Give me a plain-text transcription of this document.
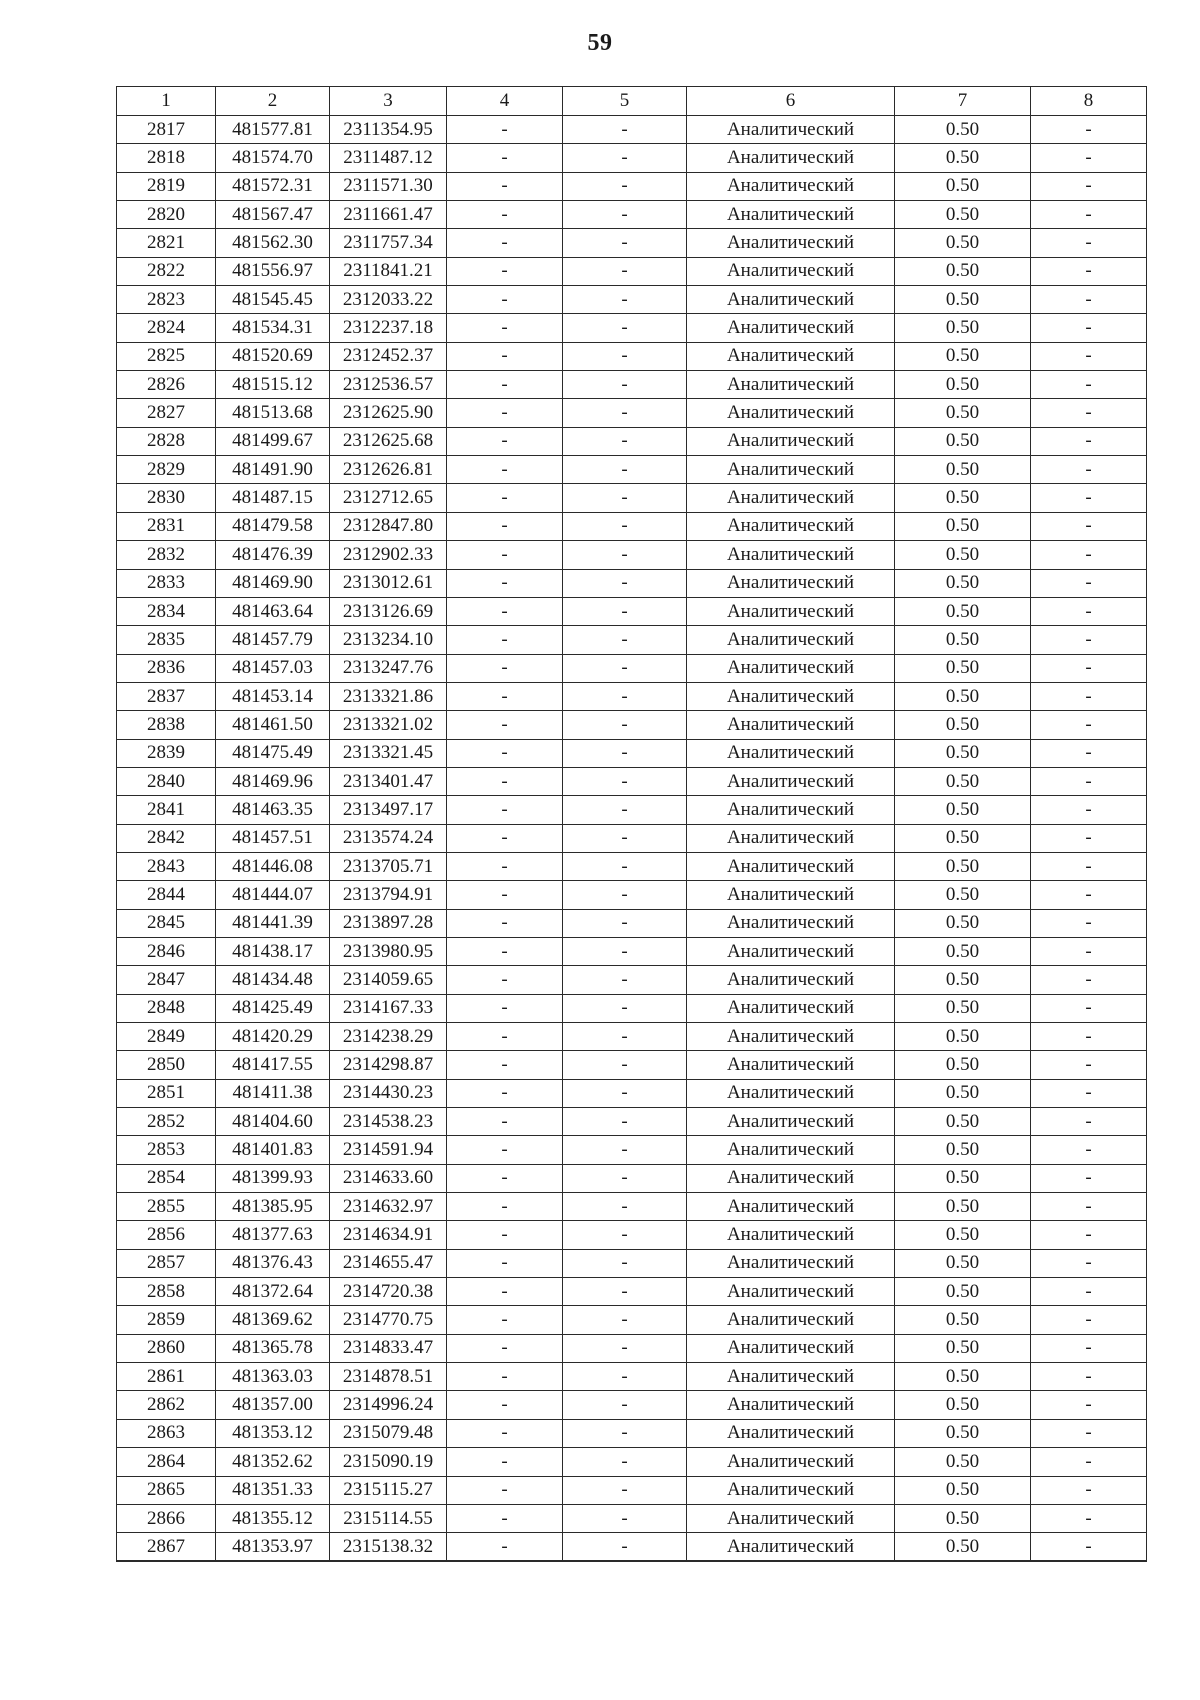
59
1	2	3	4	5	6	7	8
2817	481577.81	2311354.95	-	-	Аналитический	0.50	-
2818	481574.70	2311487.12	-	-	Аналитический	0.50	-
2819	481572.31	2311571.30	-	-	Аналитический	0.50	-
2820	481567.47	2311661.47	-	-	Аналитический	0.50	-
2821	481562.30	2311757.34	-	-	Аналитический	0.50	-
2822	481556.97	2311841.21	-	-	Аналитический	0.50	-
2823	481545.45	2312033.22	-	-	Аналитический	0.50	-
2824	481534.31	2312237.18	-	-	Аналитический	0.50	-
2825	481520.69	2312452.37	-	-	Аналитический	0.50	-
2826	481515.12	2312536.57	-	-	Аналитический	0.50	-
2827	481513.68	2312625.90	-	-	Аналитический	0.50	-
2828	481499.67	2312625.68	-	-	Аналитический	0.50	-
2829	481491.90	2312626.81	-	-	Аналитический	0.50	-
2830	481487.15	2312712.65	-	-	Аналитический	0.50	-
2831	481479.58	2312847.80	-	-	Аналитический	0.50	-
2832	481476.39	2312902.33	-	-	Аналитический	0.50	-
2833	481469.90	2313012.61	-	-	Аналитический	0.50	-
2834	481463.64	2313126.69	-	-	Аналитический	0.50	-
2835	481457.79	2313234.10	-	-	Аналитический	0.50	-
2836	481457.03	2313247.76	-	-	Аналитический	0.50	-
2837	481453.14	2313321.86	-	-	Аналитический	0.50	-
2838	481461.50	2313321.02	-	-	Аналитический	0.50	-
2839	481475.49	2313321.45	-	-	Аналитический	0.50	-
2840	481469.96	2313401.47	-	-	Аналитический	0.50	-
2841	481463.35	2313497.17	-	-	Аналитический	0.50	-
2842	481457.51	2313574.24	-	-	Аналитический	0.50	-
2843	481446.08	2313705.71	-	-	Аналитический	0.50	-
2844	481444.07	2313794.91	-	-	Аналитический	0.50	-
2845	481441.39	2313897.28	-	-	Аналитический	0.50	-
2846	481438.17	2313980.95	-	-	Аналитический	0.50	-
2847	481434.48	2314059.65	-	-	Аналитический	0.50	-
2848	481425.49	2314167.33	-	-	Аналитический	0.50	-
2849	481420.29	2314238.29	-	-	Аналитический	0.50	-
2850	481417.55	2314298.87	-	-	Аналитический	0.50	-
2851	481411.38	2314430.23	-	-	Аналитический	0.50	-
2852	481404.60	2314538.23	-	-	Аналитический	0.50	-
2853	481401.83	2314591.94	-	-	Аналитический	0.50	-
2854	481399.93	2314633.60	-	-	Аналитический	0.50	-
2855	481385.95	2314632.97	-	-	Аналитический	0.50	-
2856	481377.63	2314634.91	-	-	Аналитический	0.50	-
2857	481376.43	2314655.47	-	-	Аналитический	0.50	-
2858	481372.64	2314720.38	-	-	Аналитический	0.50	-
2859	481369.62	2314770.75	-	-	Аналитический	0.50	-
2860	481365.78	2314833.47	-	-	Аналитический	0.50	-
2861	481363.03	2314878.51	-	-	Аналитический	0.50	-
2862	481357.00	2314996.24	-	-	Аналитический	0.50	-
2863	481353.12	2315079.48	-	-	Аналитический	0.50	-
2864	481352.62	2315090.19	-	-	Аналитический	0.50	-
2865	481351.33	2315115.27	-	-	Аналитический	0.50	-
2866	481355.12	2315114.55	-	-	Аналитический	0.50	-
2867	481353.97	2315138.32	-	-	Аналитический	0.50	-
